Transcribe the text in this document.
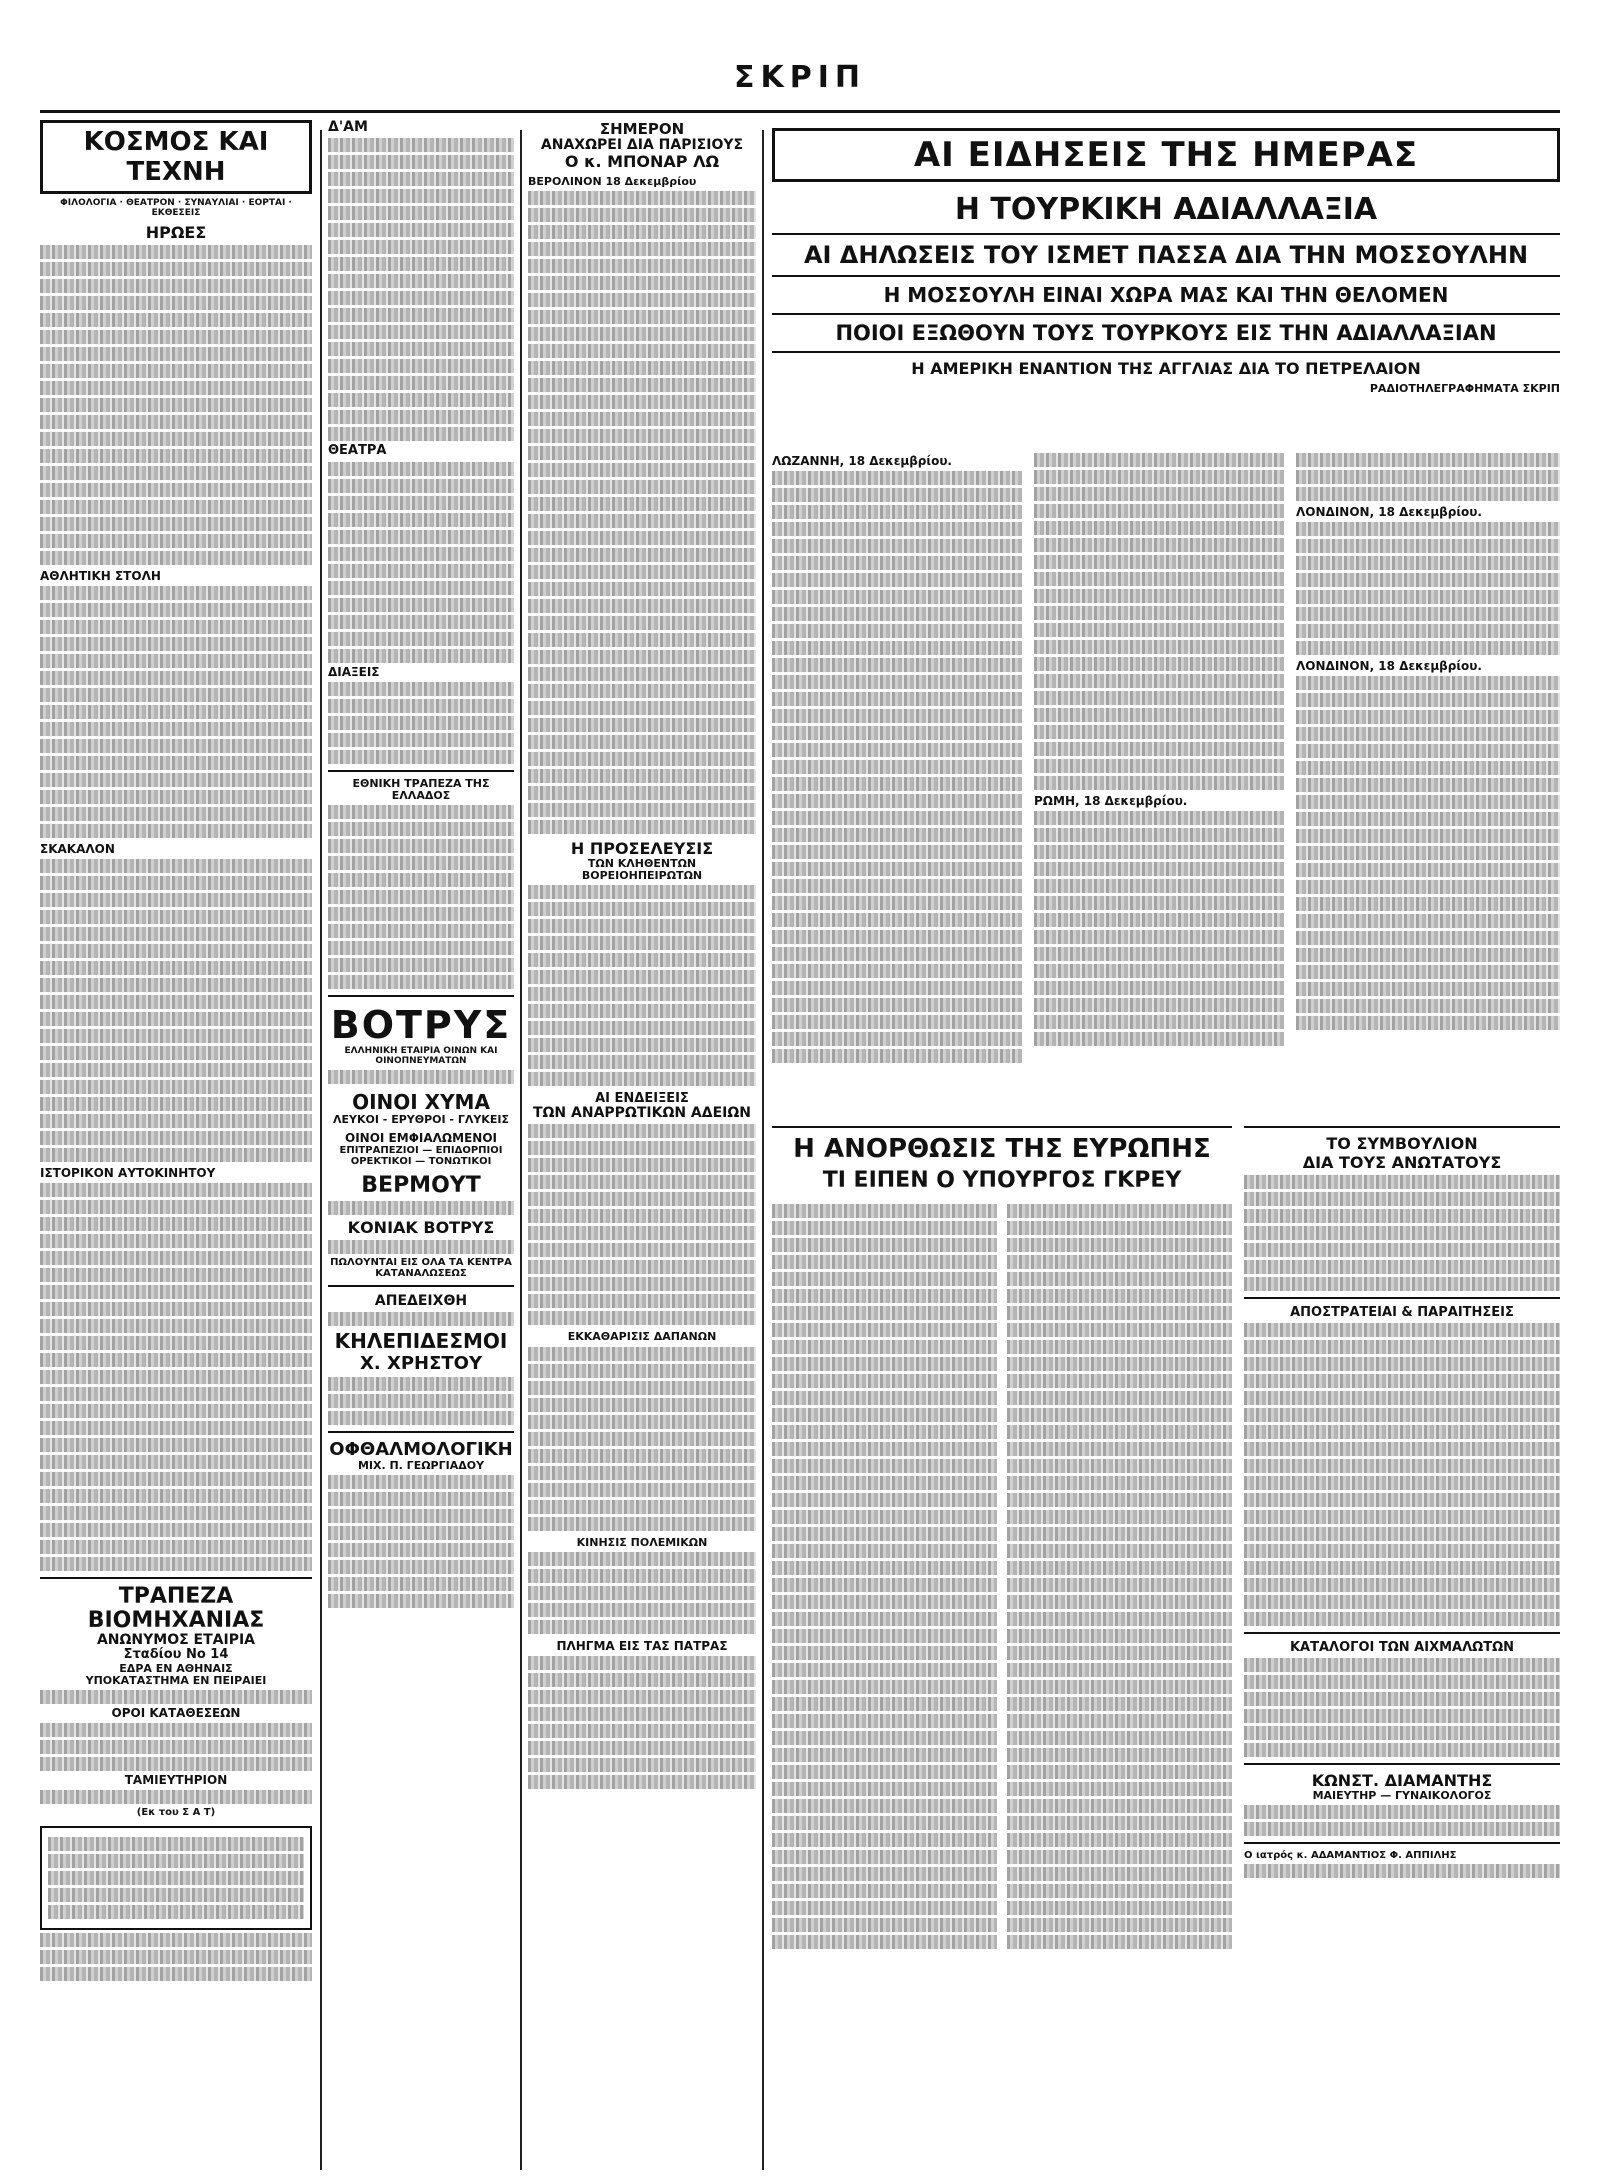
ΣΚΡΙΠ
ΚΟΣΜΟΣ ΚΑΙ ΤΕΧΝΗ
ΦΙΛΟΛΟΓΙΑ · ΘΕΑΤΡΟΝ · ΣΥΝΑΥΛΙΑΙ · ΕΟΡΤΑΙ · ΕΚΘΕΣΕΙΣ
ΗΡΩΕΣ
ΑΘΛΗΤΙΚΗ ΣΤΟΛΗ
ΣΚΑΚΑΛΟΝ
ΙΣΤΟΡΙΚΟΝ ΑΥΤΟΚΙΝΗΤΟΥ
ΤΡΑΠΕΖΑ ΒΙΟΜΗΧΑΝΙΑΣ
ΑΝΩΝΥΜΟΣ ΕΤΑΙΡΙΑ
Σταδίου No 14
ΕΔΡΑ ΕΝ ΑΘΗΝΑΙΣ
ΥΠΟΚΑΤΑΣΤΗΜΑ ΕΝ ΠΕΙΡΑΙΕΙ
ΟΡΟΙ ΚΑΤΑΘΕΣΕΩΝ
ΤΑΜΙΕΥΤΗΡΙΟΝ
(Εκ του Σ Α Τ)
Δ'ΑΜ
ΘΕΑΤΡΑ
ΔΙΑΞΕΙΣ
ΕΘΝΙΚΗ ΤΡΑΠΕΖΑ ΤΗΣ ΕΛΛΑΔΟΣ
ΒΟΤΡΥΣ
ΕΛΛΗΝΙΚΗ ΕΤΑΙΡΙΑ ΟΙΝΩΝ ΚΑΙ ΟΙΝΟΠΝΕΥΜΑΤΩΝ
ΟΙΝΟΙ ΧΥΜΑ
ΛΕΥΚΟΙ - ΕΡΥΘΡΟΙ - ΓΛΥΚΕΙΣ
ΟΙΝΟΙ ΕΜΦΙΑΛΩΜΕΝΟΙ
ΕΠΙΤΡΑΠΕΖΙΟΙ — ΕΠΙΔΟΡΠΙΟΙ ΟΡΕΚΤΙΚΟΙ — ΤΟΝΩΤΙΚΟΙ
ΒΕΡΜΟΥΤ
ΚΟΝΙΑΚ ΒΟΤΡΥΣ
ΠΩΛΟΥΝΤΑΙ ΕΙΣ ΟΛΑ ΤΑ ΚΕΝΤΡΑ ΚΑΤΑΝΑΛΩΣΕΩΣ
ΑΠΕΔΕΙΧΘΗ
ΚΗΛΕΠΙΔΕΣΜΟΙ
Χ. ΧΡΗΣΤΟΥ
ΟΦΘΑΛΜΟΛΟΓΙΚΗ
ΜΙΧ. Π. ΓΕΩΡΓΙΑΔΟΥ
ΣΗΜΕΡΟΝ
ΑΝΑΧΩΡΕΙ ΔΙΑ ΠΑΡΙΣΙΟΥΣ
Ο κ. ΜΠΟΝΑΡ ΛΩ
ΒΕΡΟΛΙΝΟΝ 18 Δεκεμβρίου
Η ΠΡΟΣΕΛΕΥΣΙΣ
ΤΩΝ ΚΛΗΘΕΝΤΩΝ ΒΟΡΕΙΟΗΠΕΙΡΩΤΩΝ
ΑΙ ΕΝΔΕΙΞΕΙΣ
ΤΩΝ ΑΝΑΡΡΩΤΙΚΩΝ ΑΔΕΙΩΝ
ΕΚΚΑΘΑΡΙΣΙΣ ΔΑΠΑΝΩΝ
ΚΙΝΗΣΙΣ ΠΟΛΕΜΙΚΩΝ
ΠΛΗΓΜΑ ΕΙΣ ΤΑΣ ΠΑΤΡΑΣ
ΑΙ ΕΙΔΗΣΕΙΣ ΤΗΣ ΗΜΕΡΑΣ
Η ΤΟΥΡΚΙΚΗ ΑΔΙΑΛΛΑΞΙΑ
ΑΙ ΔΗΛΩΣΕΙΣ ΤΟΥ ΙΣΜΕΤ ΠΑΣΣΑ ΔΙΑ ΤΗΝ ΜΟΣΣΟΥΛΗΝ
Η ΜΟΣΣΟΥΛΗ ΕΙΝΑΙ ΧΩΡΑ ΜΑΣ ΚΑΙ ΤΗΝ ΘΕΛΟΜΕΝ
ΠΟΙΟΙ ΕΞΩΘΟΥΝ ΤΟΥΣ ΤΟΥΡΚΟΥΣ ΕΙΣ ΤΗΝ ΑΔΙΑΛΛΑΞΙΑΝ
Η ΑΜΕΡΙΚΗ ΕΝΑΝΤΙΟΝ ΤΗΣ ΑΓΓΛΙΑΣ ΔΙΑ ΤΟ ΠΕΤΡΕΛΑΙΟΝ
ΡΑΔΙΟΤΗΛΕΓΡΑΦΗΜΑΤΑ ΣΚΡΙΠ
ΛΩΖΑΝΝΗ, 18 Δεκεμβρίου.
ΡΩΜΗ, 18 Δεκεμβρίου.
ΛΟΝΔΙΝΟΝ, 18 Δεκεμβρίου.
ΛΟΝΔΙΝΟΝ, 18 Δεκεμβρίου.
Η ΑΝΟΡΘΩΣΙΣ ΤΗΣ ΕΥΡΩΠΗΣ
ΤΙ ΕΙΠΕΝ Ο ΥΠΟΥΡΓΟΣ ΓΚΡΕΥ
ΤΟ ΣΥΜΒΟΥΛΙΟΝ
ΔΙΑ ΤΟΥΣ ΑΝΩΤΑΤΟΥΣ
ΑΠΟΣΤΡΑΤΕΙΑΙ & ΠΑΡΑΙΤΗΣΕΙΣ
ΚΑΤΑΛΟΓΟΙ ΤΩΝ ΑΙΧΜΑΛΩΤΩΝ
ΚΩΝΣΤ. ΔΙΑΜΑΝΤΗΣ
ΜΑΙΕΥΤΗΡ — ΓΥΝΑΙΚΟΛΟΓΟΣ
Ο ιατρός κ. ΑΔΑΜΑΝΤΙΟΣ Φ. ΑΠΠΙΛΗΣ
